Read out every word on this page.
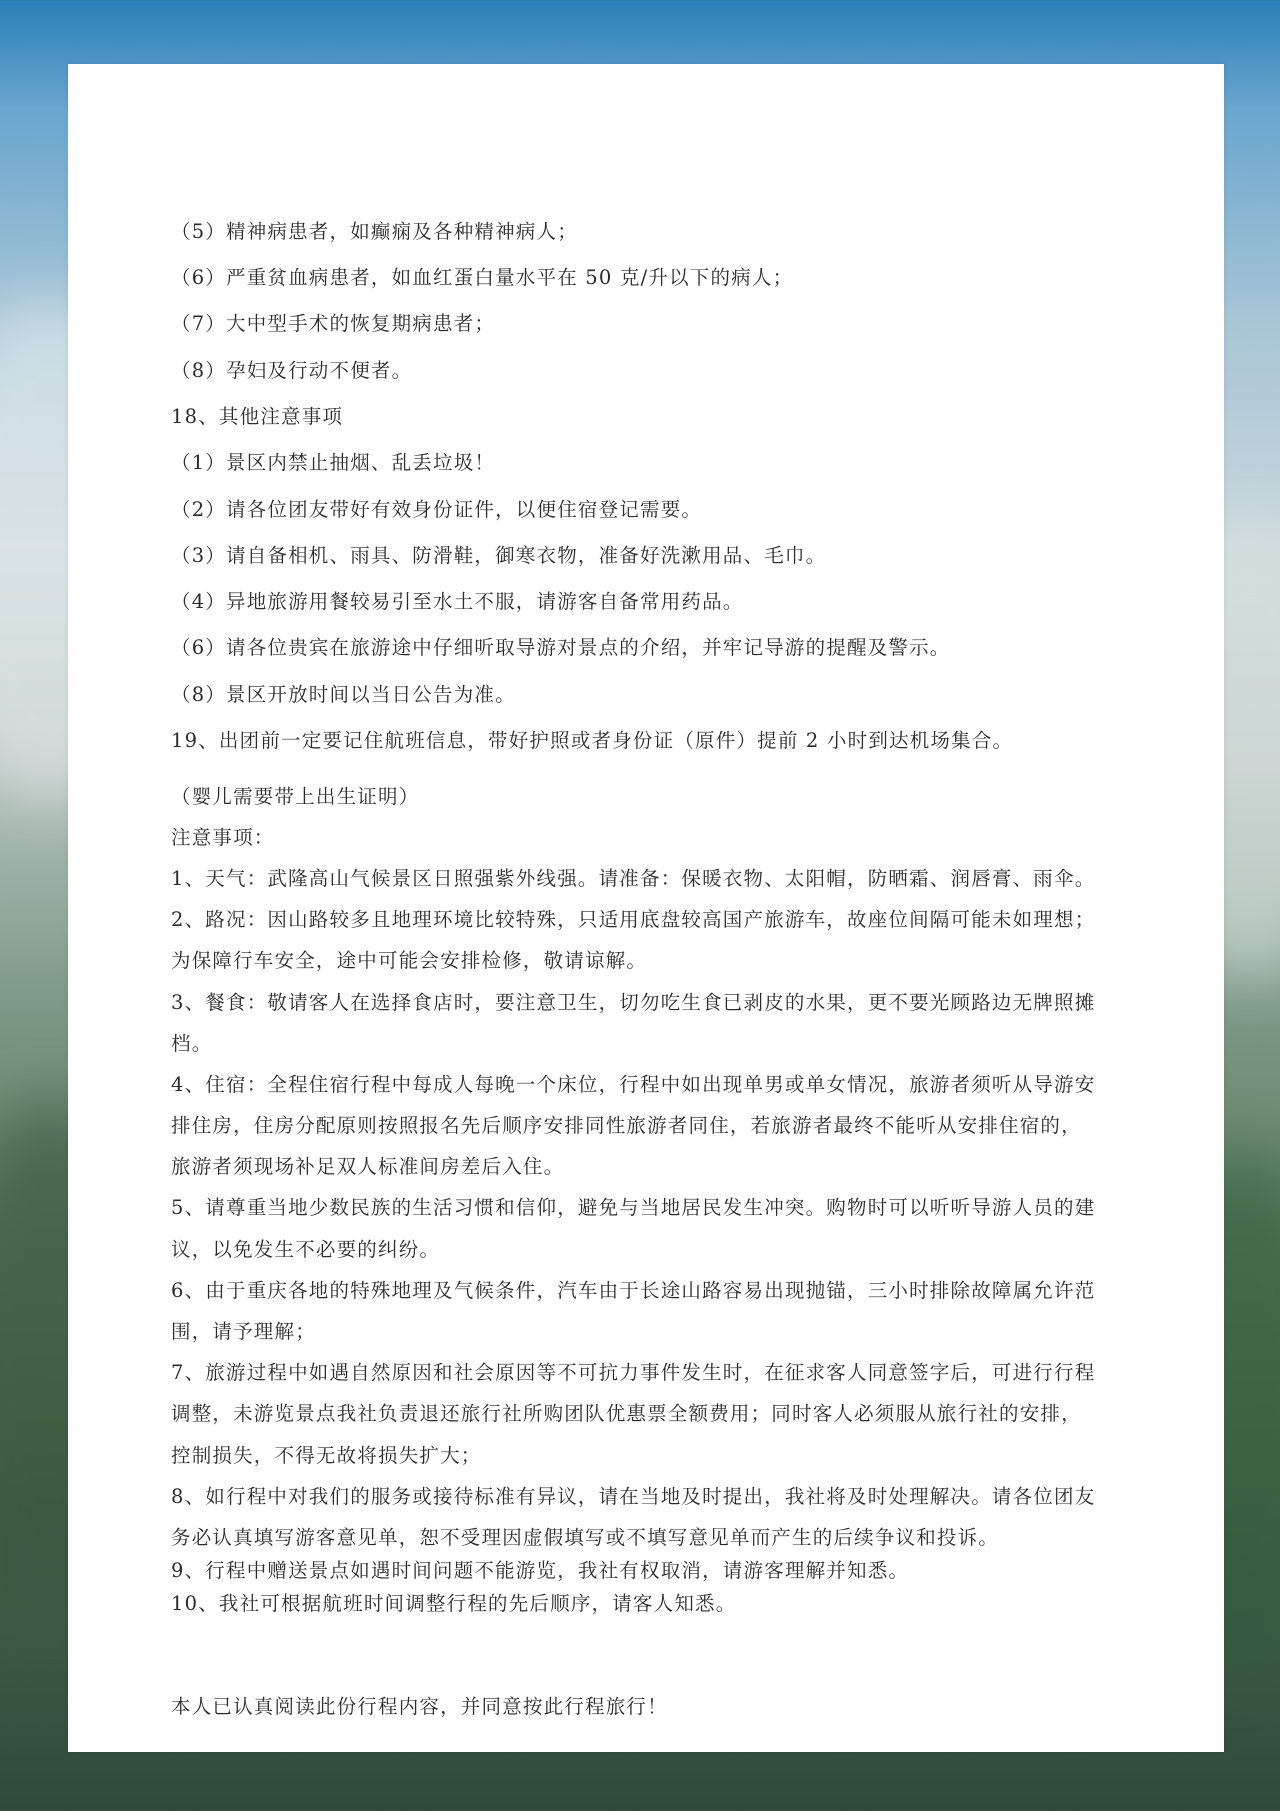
（5）精神病患者，如癫痫及各种精神病人；
（6）严重贫血病患者，如血红蛋白量水平在 50 克/升以下的病人；
（7）大中型手术的恢复期病患者；
（8）孕妇及行动不便者。
18、其他注意事项
（1）景区内禁止抽烟、乱丢垃圾！
（2）请各位团友带好有效身份证件，以便住宿登记需要。
（3）请自备相机、雨具、防滑鞋，御寒衣物，准备好洗漱用品、毛巾。
（4）异地旅游用餐较易引至水土不服，请游客自备常用药品。
（6）请各位贵宾在旅游途中仔细听取导游对景点的介绍，并牢记导游的提醒及警示。
（8）景区开放时间以当日公告为准。
19、出团前一定要记住航班信息，带好护照或者身份证（原件）提前 2 小时到达机场集合。
（婴儿需要带上出生证明）
注意事项：
1、天气：武隆高山气候景区日照强紫外线强。请准备：保暖衣物、太阳帽，防晒霜、润唇膏、雨伞。
2、路况：因山路较多且地理环境比较特殊，只适用底盘较高国产旅游车，故座位间隔可能未如理想；
为保障行车安全，途中可能会安排检修，敬请谅解。
3、餐食：敬请客人在选择食店时，要注意卫生，切勿吃生食已剥皮的水果，更不要光顾路边无牌照摊
档。
4、住宿：全程住宿行程中每成人每晚一个床位，行程中如出现单男或单女情况，旅游者须听从导游安
排住房，住房分配原则按照报名先后顺序安排同性旅游者同住，若旅游者最终不能听从安排住宿的，
旅游者须现场补足双人标准间房差后入住。
5、请尊重当地少数民族的生活习惯和信仰，避免与当地居民发生冲突。购物时可以听听导游人员的建
议，以免发生不必要的纠纷。
6、由于重庆各地的特殊地理及气候条件，汽车由于长途山路容易出现抛锚，三小时排除故障属允许范
围，请予理解；
7、旅游过程中如遇自然原因和社会原因等不可抗力事件发生时，在征求客人同意签字后，可进行行程
调整，未游览景点我社负责退还旅行社所购团队优惠票全额费用；同时客人必须服从旅行社的安排，
控制损失，不得无故将损失扩大；
8、如行程中对我们的服务或接待标准有异议，请在当地及时提出，我社将及时处理解决。请各位团友
务必认真填写游客意见单，恕不受理因虚假填写或不填写意见单而产生的后续争议和投诉。
9、行程中赠送景点如遇时间问题不能游览，我社有权取消，请游客理解并知悉。
10、我社可根据航班时间调整行程的先后顺序，请客人知悉。
本人已认真阅读此份行程内容，并同意按此行程旅行！
